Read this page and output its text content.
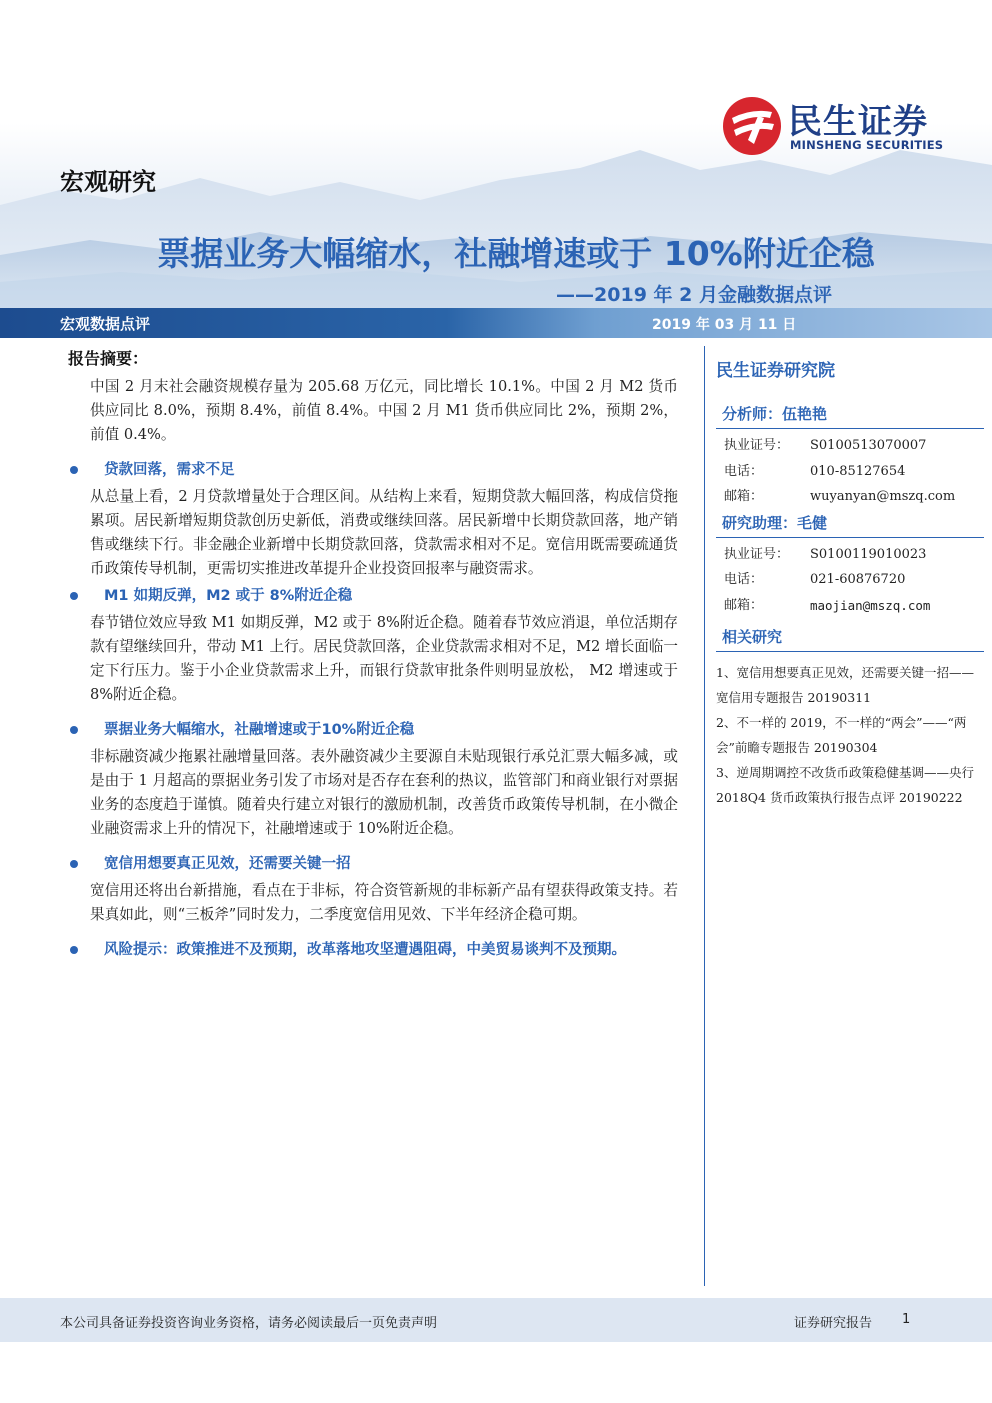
民生证券
MINSHENG SECURITIES
宏观研究
票据业务大幅缩水，社融增速或于 10%附近企稳
——2019 年 2 月金融数据点评
宏观数据点评	2019 年 03 月 11 日
报告摘要：
中国 2 月末社会融资规模存量为 205.68 万亿元，同比增长 10.1%。中国 2 月 M2 货币供应同比 8.0%，预期 8.4%，前值 8.4%。中国 2 月 M1 货币供应同比 2%，预期 2%，前值 0.4%。
贷款回落，需求不足
从总量上看，2 月贷款增量处于合理区间。从结构上来看，短期贷款大幅回落，构成信贷拖累项。居民新增短期贷款创历史新低，消费或继续回落。居民新增中长期贷款回落，地产销售或继续下行。非金融企业新增中长期贷款回落，贷款需求相对不足。宽信用既需要疏通货币政策传导机制，更需切实推进改革提升企业投资回报率与融资需求。
M1 如期反弹，M2 或于 8%附近企稳
春节错位效应导致 M1 如期反弹，M2 或于 8%附近企稳。随着春节效应消退，单位活期存款有望继续回升，带动 M1 上行。居民贷款回落，企业贷款需求相对不足，M2 增长面临一定下行压力。鉴于小企业贷款需求上升，而银行贷款审批条件则明显放松， M2 增速或于 8%附近企稳。
票据业务大幅缩水，社融增速或于10%附近企稳
非标融资减少拖累社融增量回落。表外融资减少主要源自未贴现银行承兑汇票大幅多减，或是由于 1 月超高的票据业务引发了市场对是否存在套利的热议，监管部门和商业银行对票据业务的态度趋于谨慎。随着央行建立对银行的激励机制，改善货币政策传导机制，在小微企业融资需求上升的情况下，社融增速或于 10%附近企稳。
宽信用想要真正见效，还需要关键一招
宽信用还将出台新措施，看点在于非标，符合资管新规的非标新产品有望获得政策支持。若果真如此，则“三板斧”同时发力，二季度宽信用见效、下半年经济企稳可期。
风险提示：政策推进不及预期，改革落地攻坚遭遇阻碍，中美贸易谈判不及预期。
民生证券研究院
分析师：伍艳艳
执业证号：	S0100513070007
电话：	010-85127654
邮箱：	wuyanyan@mszq.com
研究助理：毛健
执业证号：	S0100119010023
电话：	021-60876720
邮箱：	maojian@mszq.com
相关研究
1、宽信用想要真正见效，还需要关键一招——宽信用专题报告 20190311
2、不一样的 2019，不一样的“两会”——“两会”前瞻专题报告 20190304
3、逆周期调控不改货币政策稳健基调——央行 2018Q4 货币政策执行报告点评 20190222
本公司具备证券投资咨询业务资格，请务必阅读最后一页免责声明	证券研究报告 1
